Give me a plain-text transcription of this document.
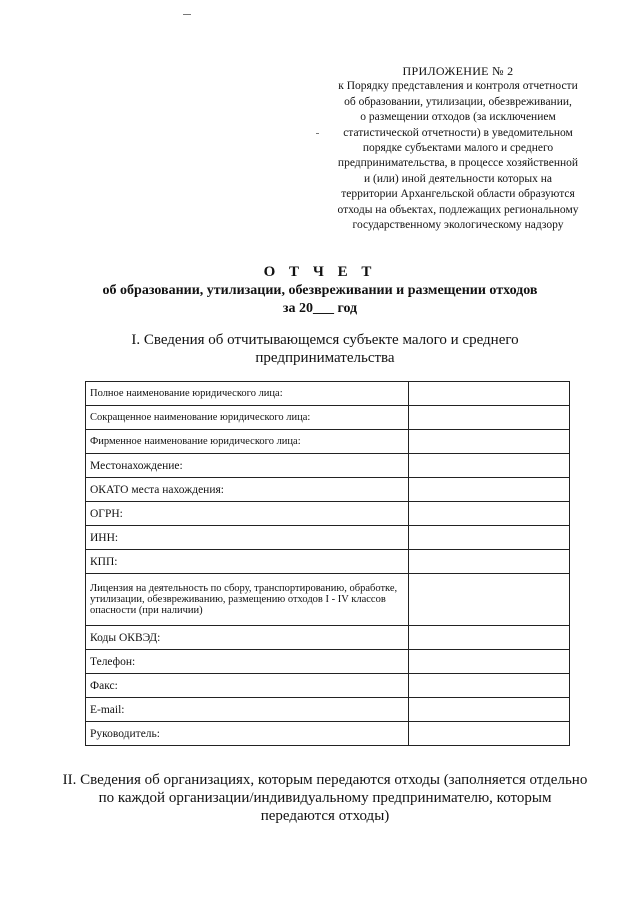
ПРИЛОЖЕНИЕ № 2
к Порядку представления и контроля отчетности
об образовании, утилизации, обезвреживании,
о размещении отходов (за исключением
статистической отчетности) в уведомительном
порядке субъектами малого и среднего
предпринимательства, в процессе хозяйственной
и (или) иной деятельности которых на
территории Архангельской области образуются
отходы на объектах, подлежащих региональному
государственному экологическому надзору
О Т Ч Е Т
об образовании, утилизации, обезвреживании и размещении отходов
за 20___ год
I. Сведения об отчитывающемся субъекте малого и среднего предпринимательства
Полное наименование юридического лица:	
Сокращенное наименование юридического лица:	
Фирменное наименование юридического лица:	
Местонахождение:	
ОКАТО места нахождения:	
ОГРН:	
ИНН:	
КПП:	
Лицензия на деятельность по сбору, транспортированию, обработке, утилизации, обезвреживанию, размещению отходов I - IV классов опасности (при наличии)	
Коды ОКВЭД:	
Телефон:	
Факс:	
E-mail:	
Руководитель:	
II. Сведения об организациях, которым передаются отходы (заполняется отдельно по каждой организации/индивидуальному предпринимателю, которым передаются отходы)
